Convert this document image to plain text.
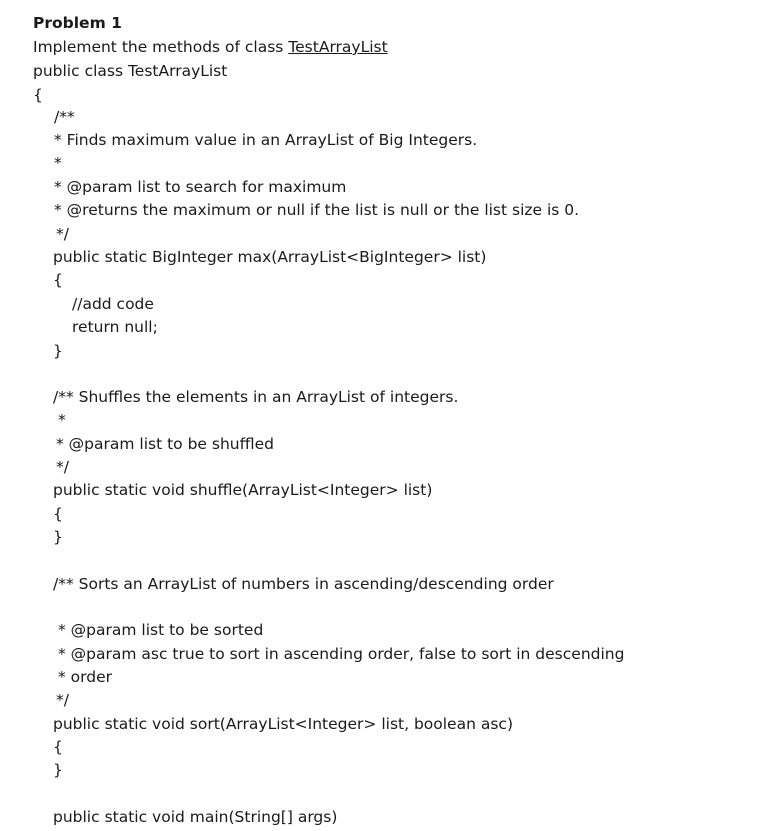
Problem 1
Implement the methods of class TestArrayList
public class TestArrayList
{
/**
* Finds maximum value in an ArrayList of Big Integers.
*
* @param list to search for maximum
* @returns the maximum or null if the list is null or the list size is 0.
*/
public static BigInteger max(ArrayList<BigInteger> list)
{
//add code
return null;
}
/** Shuffles the elements in an ArrayList of integers.
*
* @param list to be shuffled
*/
public static void shuffle(ArrayList<Integer> list)
{
}
/** Sorts an ArrayList of numbers in ascending/descending order
* @param list to be sorted
* @param asc true to sort in ascending order, false to sort in descending
* order
*/
public static void sort(ArrayList<Integer> list, boolean asc)
{
}
public static void main(String[] args)
